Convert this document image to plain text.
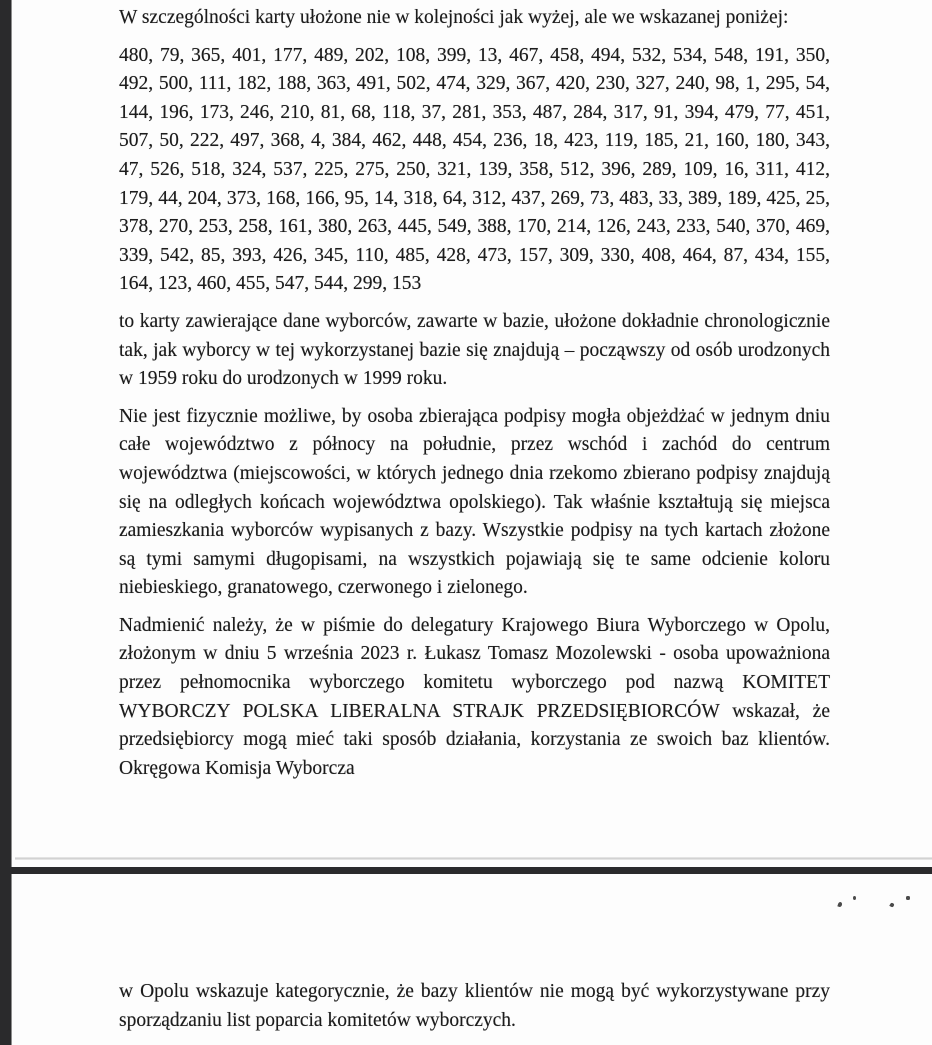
W szczególności karty ułożone nie w kolejności jak wyżej, ale we wskazanej poniżej:

480, 79, 365, 401, 177, 489, 202, 108, 399, 13, 467, 458, 494, 532, 534, 548, 191, 350, 492, 500, 111, 182, 188, 363, 491, 502, 474, 329, 367, 420, 230, 327, 240, 98, 1, 295, 54, 144, 196, 173, 246, 210, 81, 68, 118, 37, 281, 353, 487, 284, 317, 91, 394, 479, 77, 451, 507, 50, 222, 497, 368, 4, 384, 462, 448, 454, 236, 18, 423, 119, 185, 21, 160, 180, 343, 47, 526, 518, 324, 537, 225, 275, 250, 321, 139, 358, 512, 396, 289, 109, 16, 311, 412, 179, 44, 204, 373, 168, 166, 95, 14, 318, 64, 312, 437, 269, 73, 483, 33, 389, 189, 425, 25, 378, 270, 253, 258, 161, 380, 263, 445, 549, 388, 170, 214, 126, 243, 233, 540, 370, 469, 339, 542, 85, 393, 426, 345, 110, 485, 428, 473, 157, 309, 330, 408, 464, 87, 434, 155, 164, 123, 460, 455, 547, 544, 299, 153

to karty zawierające dane wyborców, zawarte w bazie, ułożone dokładnie chronologicznie tak, jak wyborcy w tej wykorzystanej bazie się znajdują – począwszy od osób urodzonych w 1959 roku do urodzonych w 1999 roku.

Nie jest fizycznie możliwe, by osoba zbierająca podpisy mogła objeżdżać w jednym dniu całe województwo z północy na południe, przez wschód i zachód do centrum województwa (miejscowości, w których jednego dnia rzekomo zbierano podpisy znajdują się na odległych końcach województwa opolskiego). Tak właśnie kształtują się miejsca zamieszkania wyborców wypisanych z bazy. Wszystkie podpisy na tych kartach złożone są tymi samymi długopisami, na wszystkich pojawiają się te same odcienie koloru niebieskiego, granatowego, czerwonego i zielonego.

Nadmienić należy, że w piśmie do delegatury Krajowego Biura Wyborczego w Opolu, złożonym w dniu 5 września 2023 r. Łukasz Tomasz Mozolewski - osoba upoważniona przez pełnomocnika wyborczego komitetu wyborczego pod nazwą KOMITET WYBORCZY POLSKA LIBERALNA STRAJK PRZEDSIĘBIORCÓW wskazał, że przedsiębiorcy mogą mieć taki sposób działania, korzystania ze swoich baz klientów. Okręgowa Komisja Wyborcza

w Opolu wskazuje kategorycznie, że bazy klientów nie mogą być wykorzystywane przy sporządzaniu list poparcia komitetów wyborczych.
